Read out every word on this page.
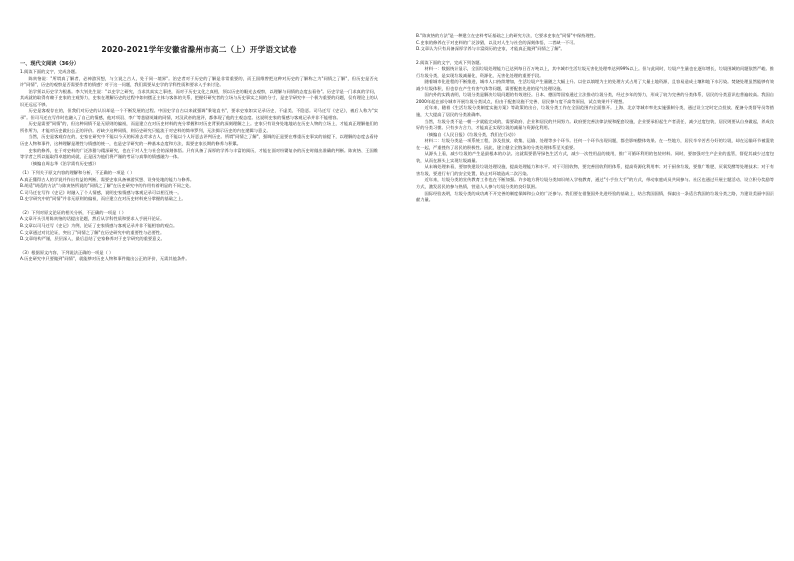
2020-2021学年安徽省滁州市高二（上）开学语文试卷
一、现代文阅读（36分）
1.阅读下面的文字，完成各题。

陈寅恪说："所谓真了解者，必神游冥想，与立说之古人，处于同一境界"。治史者对于历史的了解是非常重要的，而王国维曾把这种对历史的了解称之为"同情之了解"，但历史是否允许"同情"，历史的观察是否需要作者的情感？对于这一问题，我们需要从史学的学科性质和要求入手来讨论。

治学须以历史学为根基。李大钊先生说："以史学之研究，当求其真实之事迹，而对于历史文化之真相，须以历史的眼光去观察，以理解与同情的态度去看待"。历史学是一门求真的学问，其成就的取得有赖于史家的主观努力，史家在理解历史的过程中如何摆正主体与客体的关系，把握好研究者的立场与历史事实之间的分寸，是史学研究中一个极为重要的问题，仅有理论上的认识还远远不够。

历史是客观存在的，但我们对历史的认识却是一个不断发展的过程。中国史学自古以来就强调"秉笔直书"，要求史家如实记录历史，不虚美、不隐恶。司马迁写《史记》，被后人称为"实录"。但司马迁在写作时也融入了自己的情感，他对项羽、李广等悲剧英雄的同情，对汉武帝的批评，都体现了他的主观态度。这说明史家的情感与客观记录并非不能相容。

历史是需要"同情"的，但这种同情不是无原则的偏袒，而是建立在对历史材料的充分掌握和对历史背景的深刻理解之上。史家只有设身处地地站在历史人物的立场上，才能真正理解他们的所作所为，才能对历史做出公正的评价。若缺少这种同情，则历史研究只能流于对史料的简单罗列，无法揭示历史的内在逻辑与意义。

当然，历史是客观存在的，史家在研究中不能以今天的标准去苛求古人，也不能以个人好恶去评判历史。所谓"同情之了解"，强调的正是要在尊重历史事实的前提下，以理解的态度去看待历史人物和事件，这种理解是理性与情感的统一，也是史学研究的一种基本态度和方法，需要史家长期的修养与积累。

史家的修养，在于对史料的广泛涉猎与精深研究，也在于对人生与社会的深刻体悟。只有具备了深厚的学养与丰富的阅历，才能在面对纷繁复杂的历史时做出准确的判断。陈寅恪、王国维等学者之所以能取得卓越的成就，正是因为他们将严谨的考证与真挚的情感融为一体。

（摘编自周志华《治学需有历史感》）

（1）下列关于原文内容的理解和分析，不正确的一项是（ ）
A.真正懂得古人的学说并作出有益的判断，需要史家具备神游冥想、设身处地的能力与修养。
B.胡适"胡适的方法"与陈寅恪所说的"同情之了解"在历史研究中的作用有着明显的不同之处。
C.司马迁在写作《史记》时融入了个人情感，说明史家情感与客观记录可以相互统一。
D.史学研究中的"同情"并非无原则的偏袒，而应建立在对历史材料充分掌握的基础之上。
（2）下列对原文论证的相关分析，不正确的一项是（ ）
A.文章开头引用陈寅恪的话提出论题，然后从学科性质和要求入手展开论证。
B.文章以司马迁写《史记》为例，论证了史家情感与客观记录并非不能相容的观点。
C.文章通过对比论证，突出了"同情之了解"在历史研究中的重要性与必要性。
D.文章结构严谨，层层深入，最后总结了史家修养对于史学研究的重要意义。
（3）根据原文内容，下列说法正确的一项是（ ）
A.历史研究中只要做到"同情"，就能够对历史人物和事件做出公正的评价，无需其他条件。
B."陈寅恪的方法"是一种建立在史料考证基础之上的研究方法，它要求史家在"同情"中保持理性。
C.史家的修养在于对史料的广泛涉猎，以及对人生与社会的深刻体悟，二者缺一不可。
D.文章认为只有具备深厚学养与丰富阅历的史家，才能真正做到"同情之了解"。
2.阅读下面的文字，完成下列各题。

材料一：数据统计显示，全国垃圾处理能力已达到每日百万吨以上，其中城市生活垃圾无害化处理率达到99%以上。但与此同时，垃圾产生量也在逐年增长，垃圾围城的问题依然严峻。推行垃圾分类，是实现垃圾减量化、资源化、无害化处理的重要手段。

随着城市化进程的不断推进，城市人口持续增加，生活垃圾产生量随之大幅上升。以往以填埋为主的处理方式占用了大量土地资源，且容易造成土壤和地下水污染。焚烧处理虽然能够有效减少垃圾体积，但也存在产生有害气体等问题，需要配套先进的尾气处理设施。

国内外的实践表明，垃圾分类是解决垃圾问题的有效途径。日本、德国等国家通过立法推动垃圾分类，经过多年的努力，形成了较为完善的分类体系，居民的分类意识也普遍较高。我国自2000年起在部分城市开展垃圾分类试点，但由于配套设施不完善、居民参与度不高等原因，试点效果并不理想。

近年来，随着《生活垃圾分类制度实施方案》等政策的出台，垃圾分类工作在全国范围内全面推开。上海、北京等城市率先实施强制分类，通过设立定时定点投放、配备分类督导员等措施，大大提高了居民的分类准确率。

当然，垃圾分类不是一朝一夕就能完成的，需要政府、企业和居民的共同努力。政府要完善法律法规和配套设施，企业要承担起生产者责任，减少过度包装，居民则要从自身做起，养成良好的分类习惯。只有多方合力，才能真正实现垃圾的减量与资源化利用。

（摘编自《人民日报》《垃圾分类，我们在行动》）

材料二：垃圾分类是一项系统工程，涉及投放、收集、运输、处理等多个环节。任何一个环节出现问题，都会影响整体效果。在一些地方，居民辛辛苦苦分好的垃圾，却在运输环节被混装在一起，严重挫伤了居民的积极性。因此，建立健全全链条的分类处理体系至关重要。

从源头上看，减少垃圾的产生是最根本的办法。这就需要倡导绿色生活方式，减少一次性用品的使用，推广可循环利用的包装材料。同时，要加强对生产企业的监管，督促其减少过度包装，从而在源头上实现垃圾减量。

从末端处理来看，要加快建设垃圾处理设施，提高处理能力和水平。对于可回收物，要完善回收利用体系，提高资源化利用率；对于厨余垃圾，要推广堆肥、厌氧发酵等处理技术；对于有害垃圾，要进行专门的安全处置，防止对环境造成二次污染。

近年来，垃圾分类的宣传教育工作也在不断加强。许多地方将垃圾分类知识纳入学校教育，通过"小手拉大手"的方式，带动家庭成员共同参与。社区也通过开展主题活动、设立积分奖励等方式，激发居民的参与热情，营造人人参与垃圾分类的良好氛围。

国际经验表明，垃圾分类的成功离不开完善的制度保障和公众的广泛参与。我们要在借鉴国外先进经验的基础上，结合我国国情，探索出一条适合我国的垃圾分类之路，为建设美丽中国贡献力量。
